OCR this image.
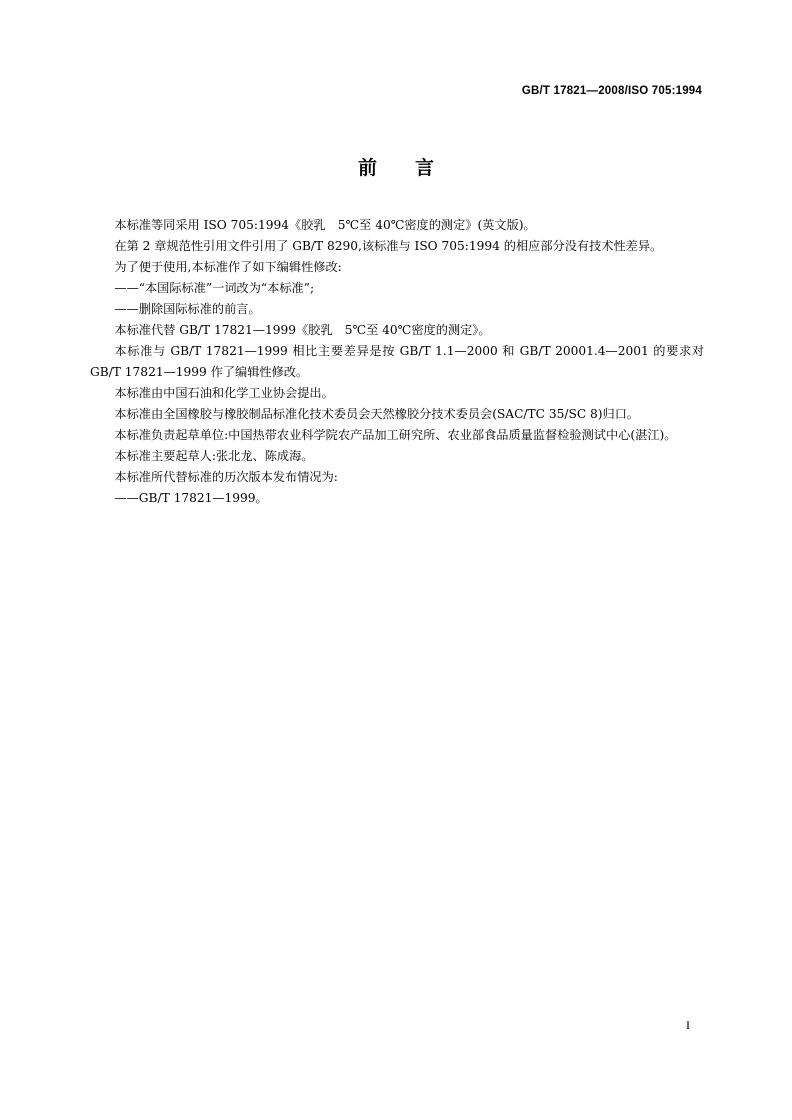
GB/T 17821—2008/ISO 705:1994
前言

本标准等同采用 ISO 705:1994《胶乳　5℃至 40℃密度的测定》(英文版)。

在第 2 章规范性引用文件引用了 GB/T 8290,该标准与 ISO 705:1994 的相应部分没有技术性差异。

为了便于使用,本标准作了如下编辑性修改:

——“本国际标准”一词改为“本标准”;

——删除国际标准的前言。

本标准代替 GB/T 17821—1999《胶乳　5℃至 40℃密度的测定》。

本标准与 GB/T 17821—1999 相比主要差异是按 GB/T 1.1—2000 和 GB/T 20001.4—2001 的要求对 GB/T 17821—1999 作了编辑性修改。

本标准由中国石油和化学工业协会提出。

本标准由全国橡胶与橡胶制品标准化技术委员会天然橡胶分技术委员会(SAC/TC 35/SC 8)归口。

本标准负责起草单位:中国热带农业科学院农产品加工研究所、农业部食品质量监督检验测试中心(湛江)。

本标准主要起草人:张北龙、陈成海。

本标准所代替标准的历次版本发布情况为:

——GB/T 17821—1999。

I
